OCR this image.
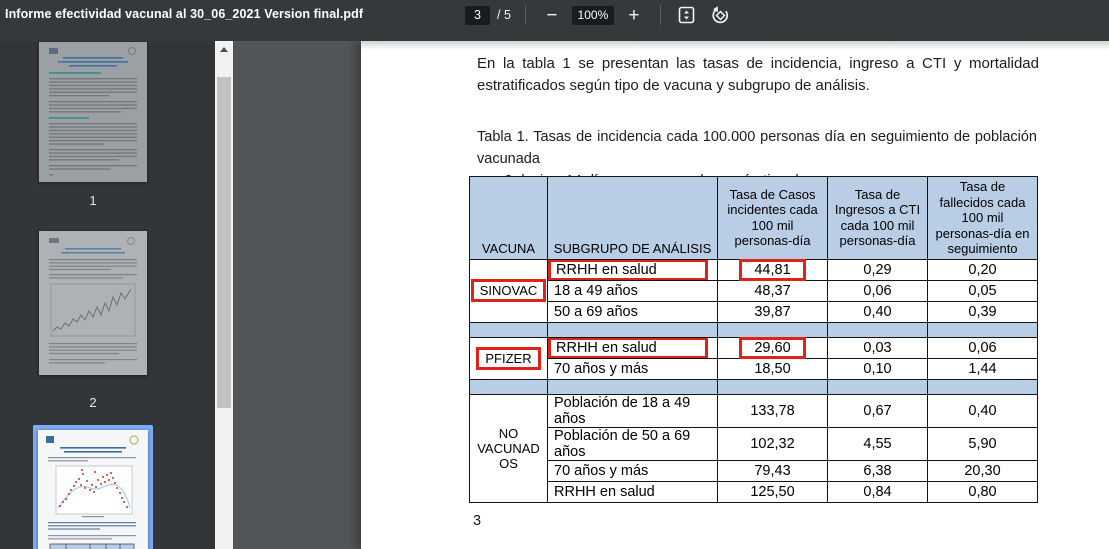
Informe efectividad vacunal al 30_06_2021 Version final.pdf
3	/ 5	−	100%	+
1
2
En la tabla 1 se presentan las tasas de incidencia, ingreso a CTI y mortalidad
estratificados según tipo de vacuna y subgrupo de análisis.
Tabla 1. Tasas de incidencia cada 100.000 personas día en seguimiento de población vacunada
VACUNA	SUBGRUPO DE ANÁLISIS	Tasa de Casos incidentes cada 100 mil personas-día	Tasa de Ingresos a CTI cada 100 mil personas-día	Tasa de fallecidos cada 100 mil personas-día en seguimiento
SINOVAC	RRHH en salud	44,81	0,29	0,20
	18 a 49 años	48,37	0,06	0,05
	50 a 69 años	39,87	0,40	0,39

PFIZER	RRHH en salud	29,60	0,03	0,06
	70 años y más	18,50	0,10	1,44

NO VACUNADOS	Población de 18 a 49 años	133,78	0,67	0,40
	Población de 50 a 69 años	102,32	4,55	5,90
	70 años y más	79,43	6,38	20,30
	RRHH en salud	125,50	0,84	0,80
3
